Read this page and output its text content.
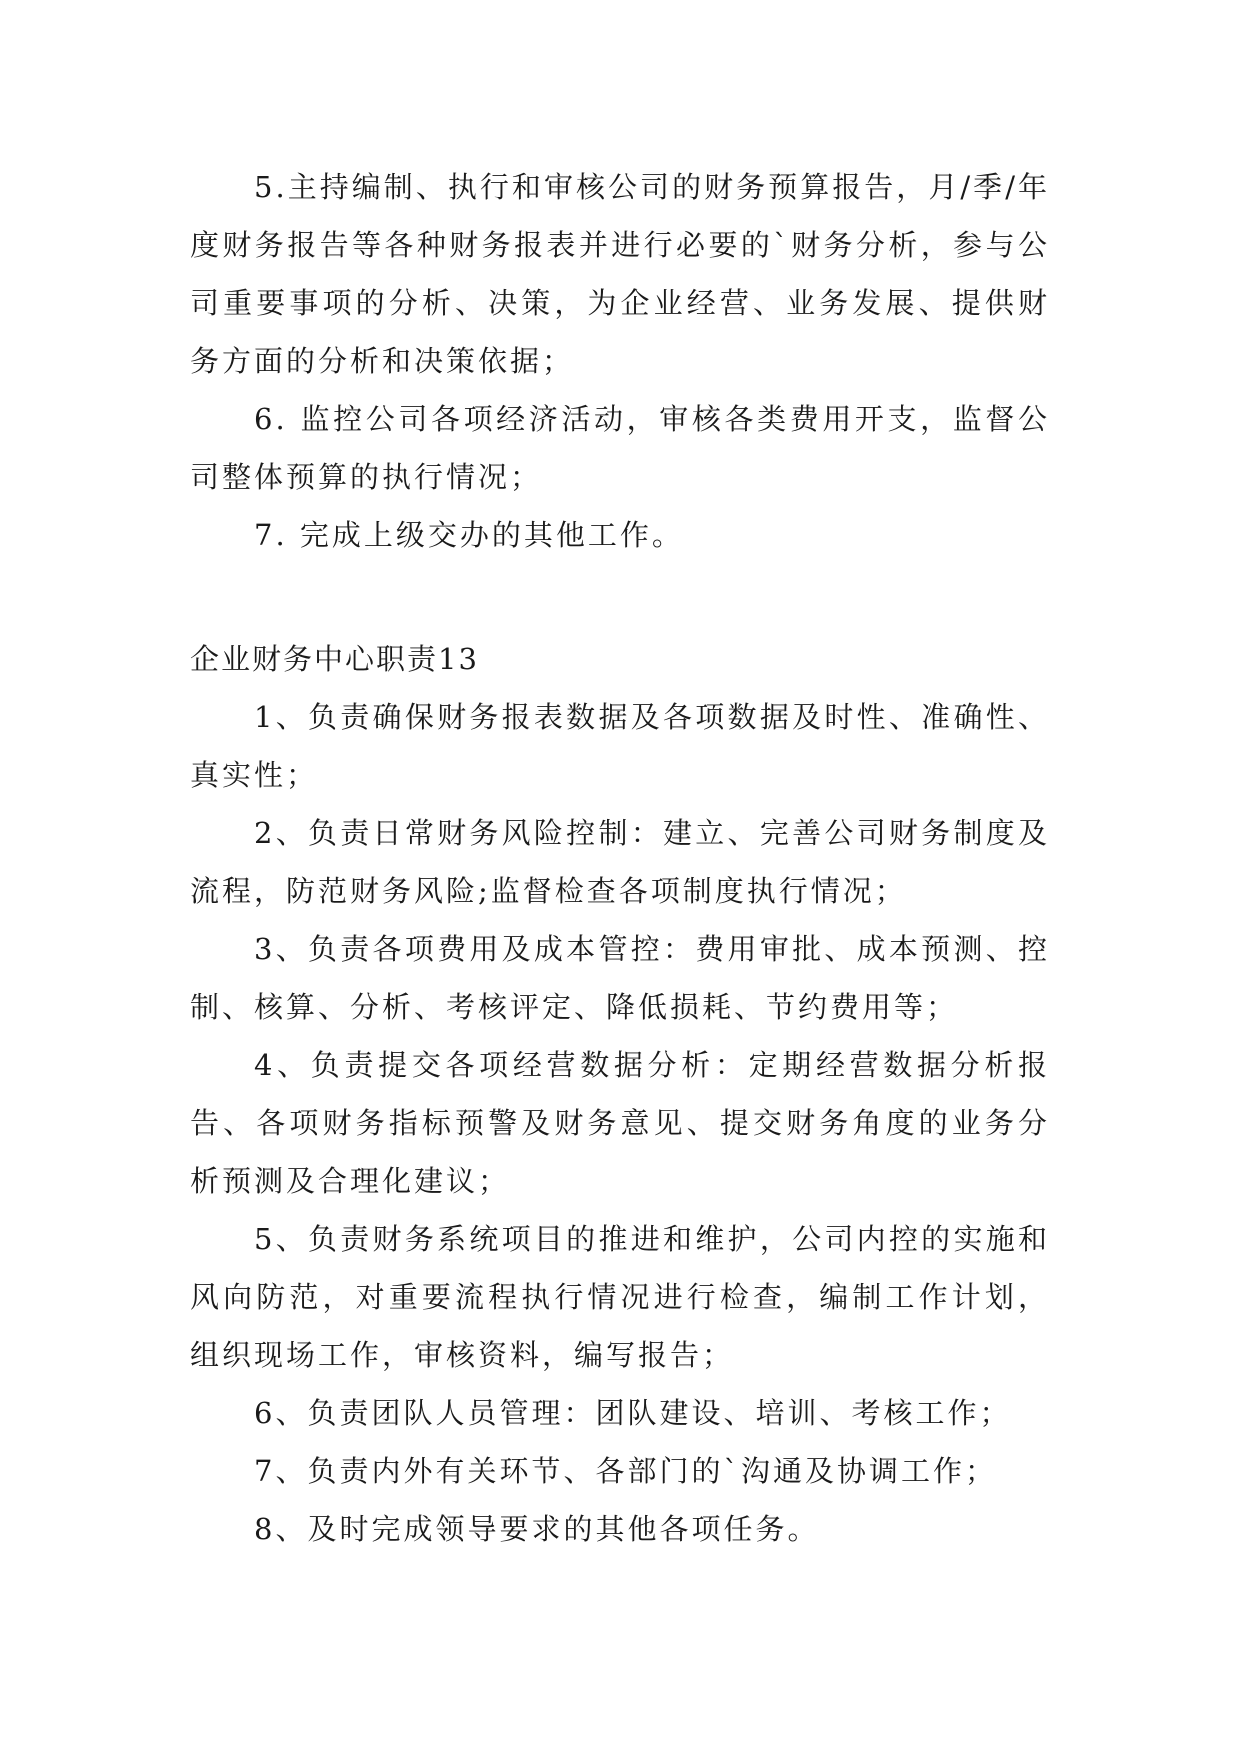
5.主持编制、执行和审核公司的财务预算报告，月/季/年度财务报告等各种财务报表并进行必要的`财务分析，参与公司重要事项的分析、决策，为企业经营、业务发展、提供财务方面的分析和决策依据；

6. 监控公司各项经济活动，审核各类费用开支，监督公司整体预算的执行情况；

7. 完成上级交办的其他工作。

企业财务中心职责13

1、负责确保财务报表数据及各项数据及时性、准确性、真实性；

2、负责日常财务风险控制：建立、完善公司财务制度及流程，防范财务风险;监督检查各项制度执行情况；

3、负责各项费用及成本管控：费用审批、成本预测、控制、核算、分析、考核评定、降低损耗、节约费用等；

4、负责提交各项经营数据分析：定期经营数据分析报告、各项财务指标预警及财务意见、提交财务角度的业务分析预测及合理化建议；

5、负责财务系统项目的推进和维护，公司内控的实施和风向防范，对重要流程执行情况进行检查，编制工作计划，组织现场工作，审核资料，编写报告；

6、负责团队人员管理：团队建设、培训、考核工作；

7、负责内外有关环节、各部门的`沟通及协调工作；

8、及时完成领导要求的其他各项任务。
